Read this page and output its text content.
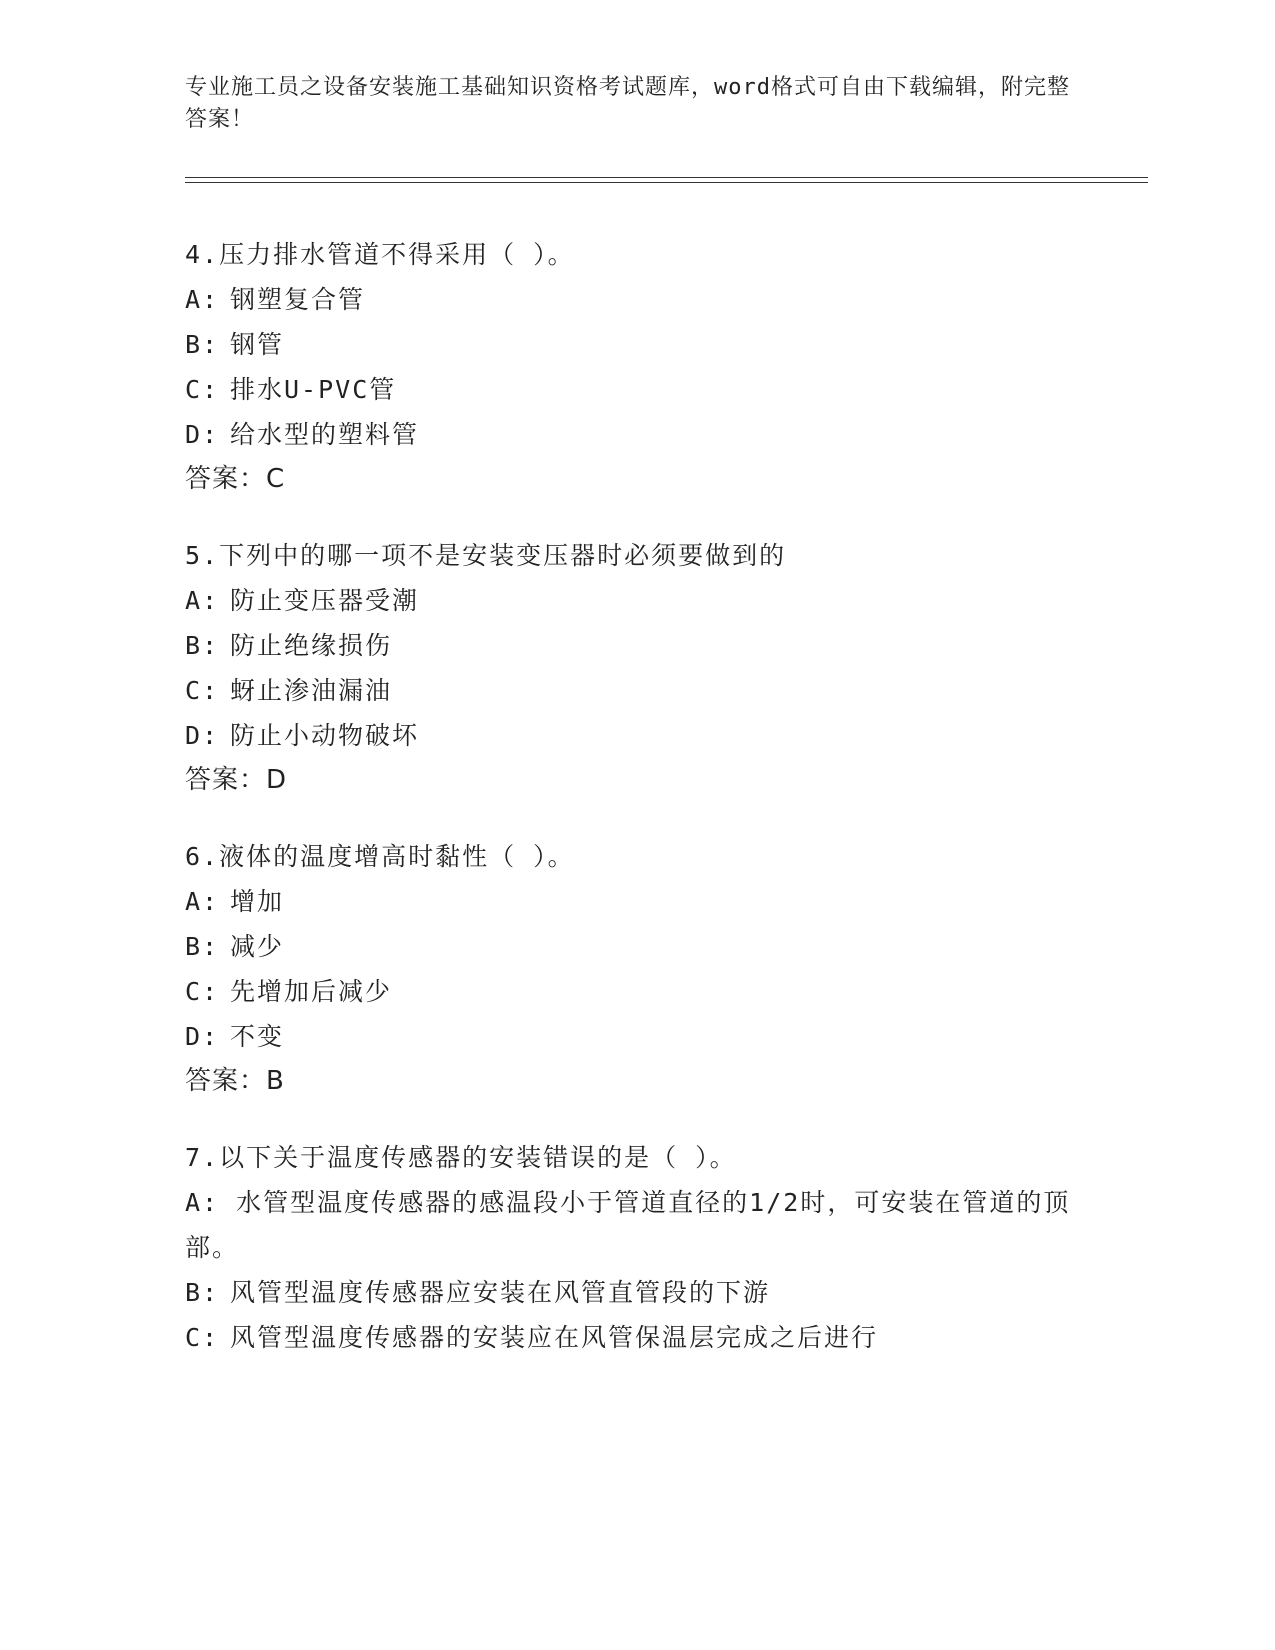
专业施工员之设备安装施工基础知识资格考试题库，word格式可自由下载编辑，附完整答案！
4.压力排水管道不得采用（ ）。
A: 钢塑复合管
B: 钢管
C: 排水U-PVC管
D: 给水型的塑料管
答案：C
5.下列中的哪一项不是安装变压器时必须要做到的
A: 防止变压器受潮
B: 防止绝缘损伤
C: 蚜止渗油漏油
D: 防止小动物破坏
答案：D
6.液体的温度增高时黏性（ ）。
A: 增加
B: 减少
C: 先增加后减少
D: 不变
答案：B
7.以下关于温度传感器的安装错误的是（ ）。
A: 水管型温度传感器的感温段小于管道直径的1/2时，可安装在管道的顶部。
B: 风管型温度传感器应安装在风管直管段的下游
C: 风管型温度传感器的安装应在风管保温层完成之后进行
